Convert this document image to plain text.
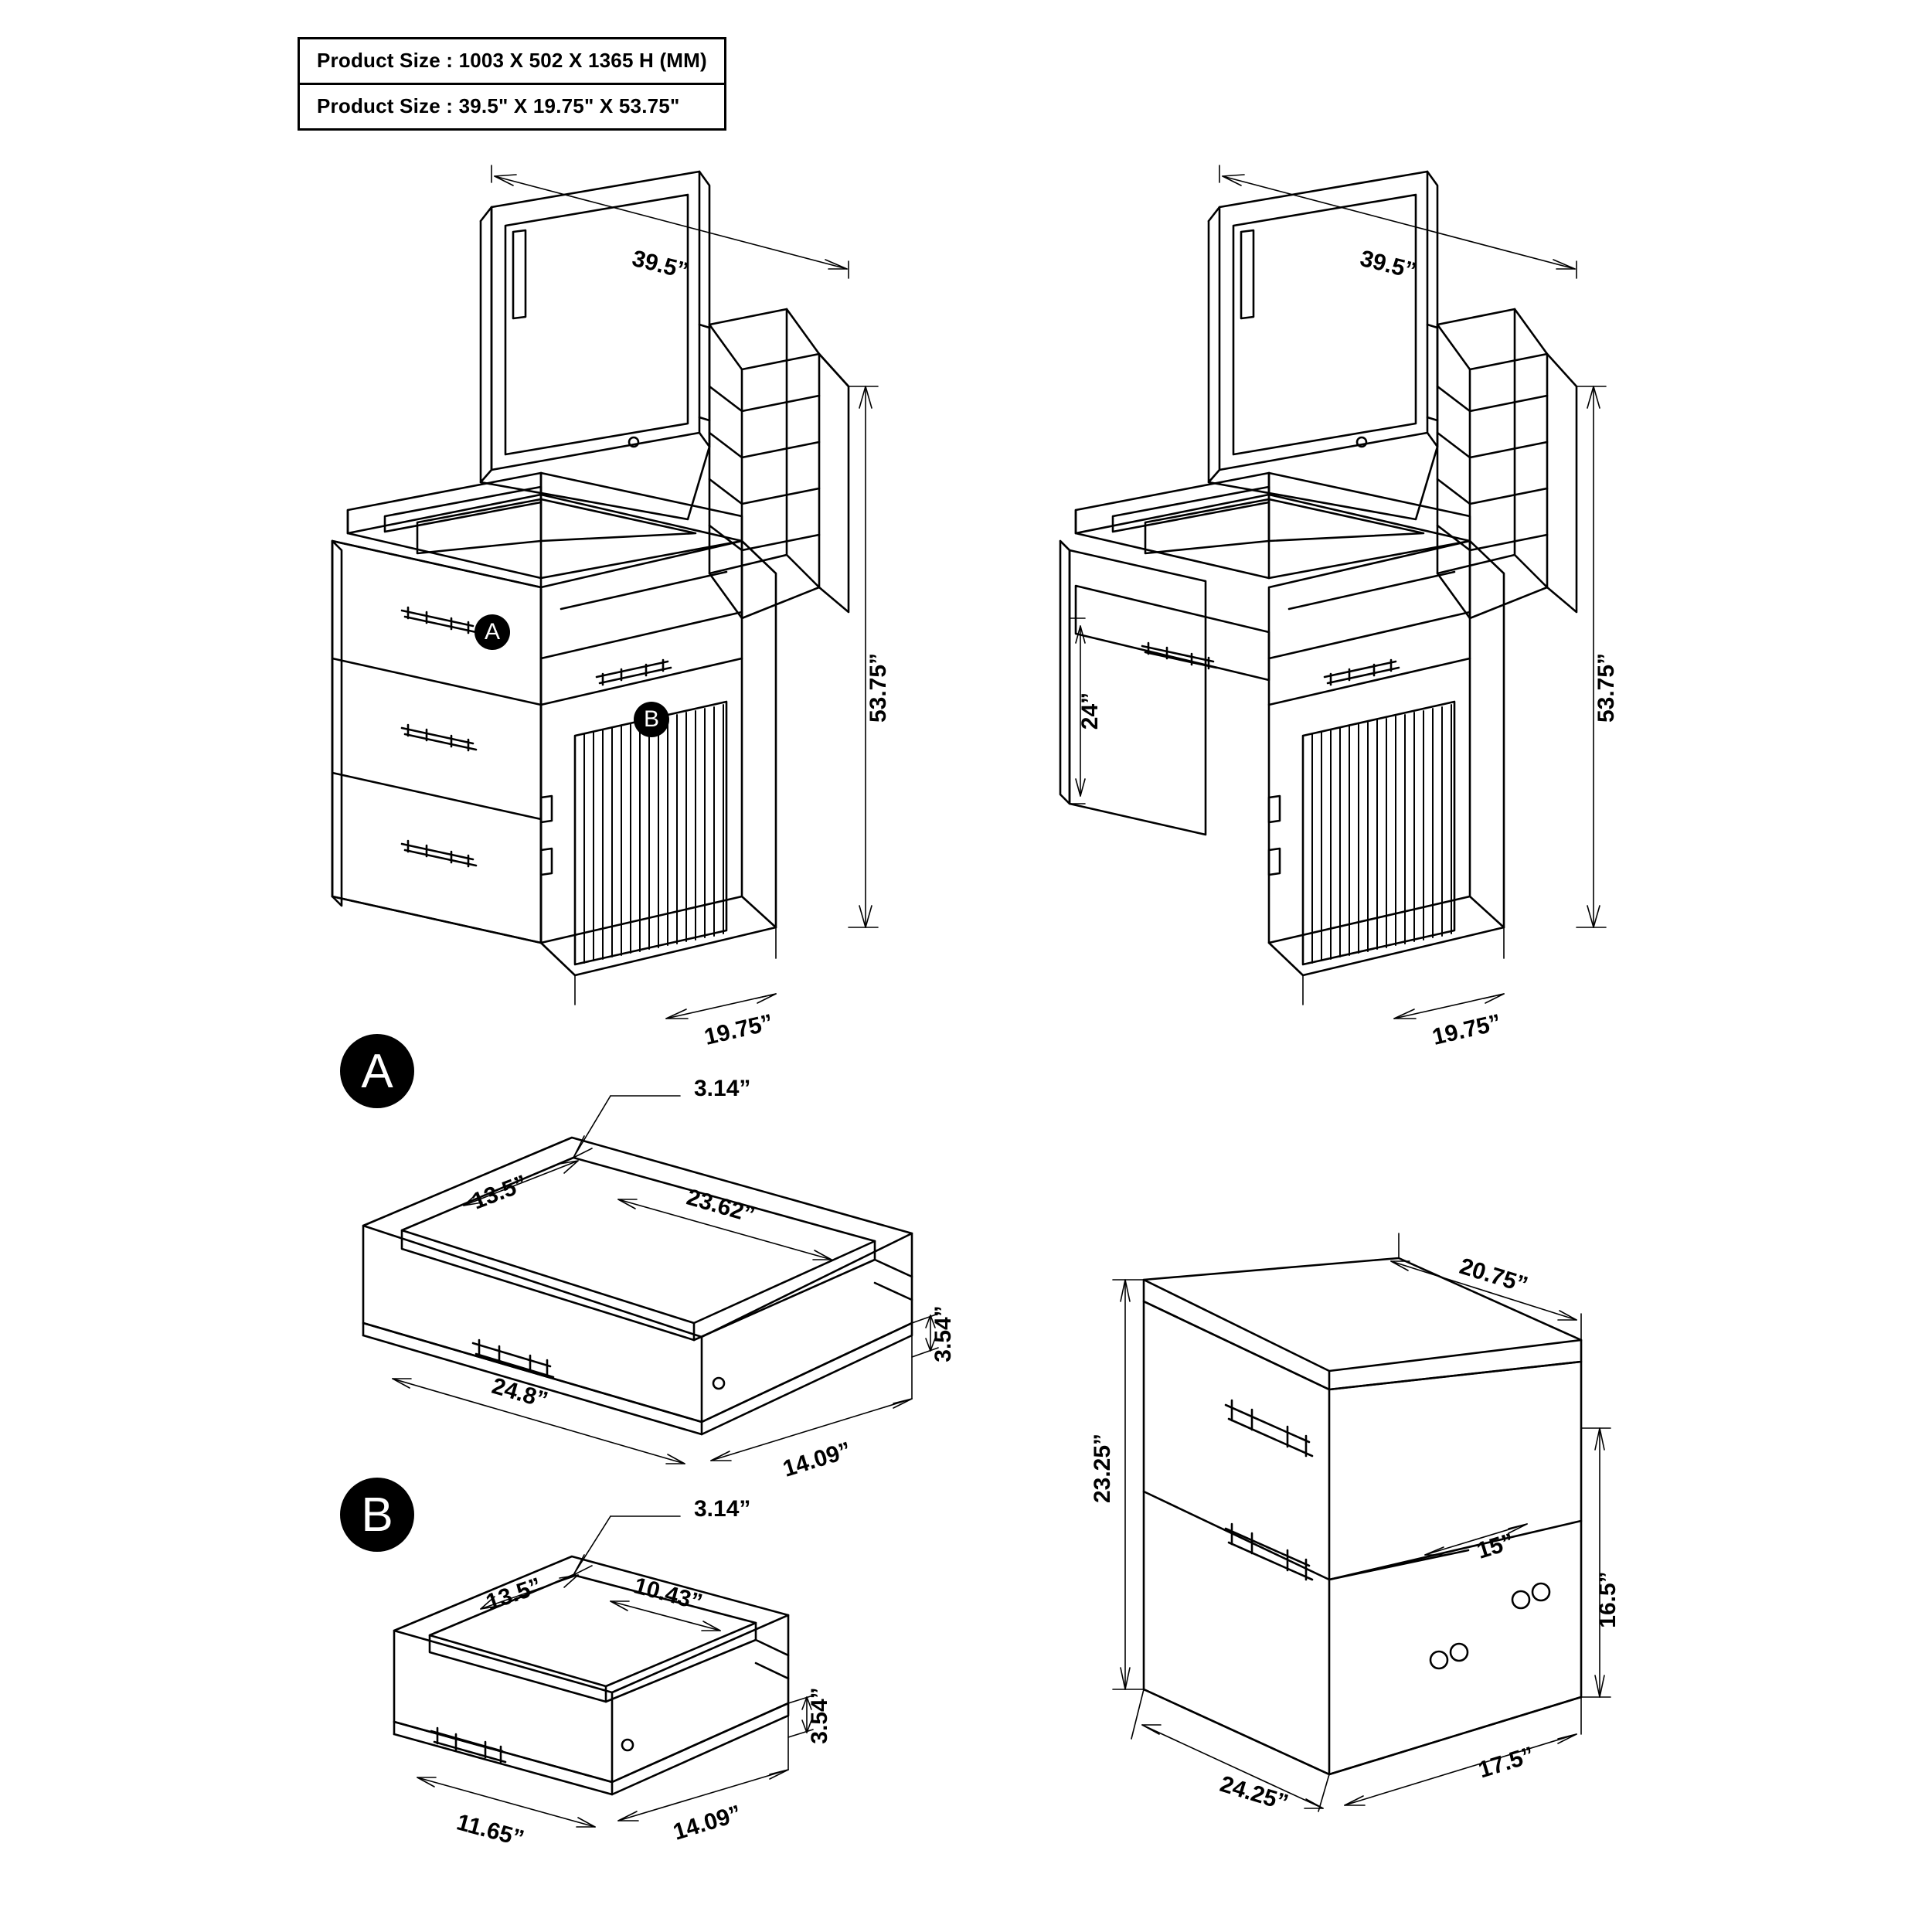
Product Size : 1003 X 502 X 1365 H (MM)
Product Size : 39.5" X 19.75" X 53.75"
39.5”
53.75”
19.75”
39.5”
53.75”
19.75”
24”
3.14”
13.5”	23.62”
24.8”
3.54”
14.09”
3.14”
13.5”	10.43”
11.65”
3.54”
14.09”
20.75”
23.25”
15”
16.5”
24.25”
17.5”
A
B
A
B
